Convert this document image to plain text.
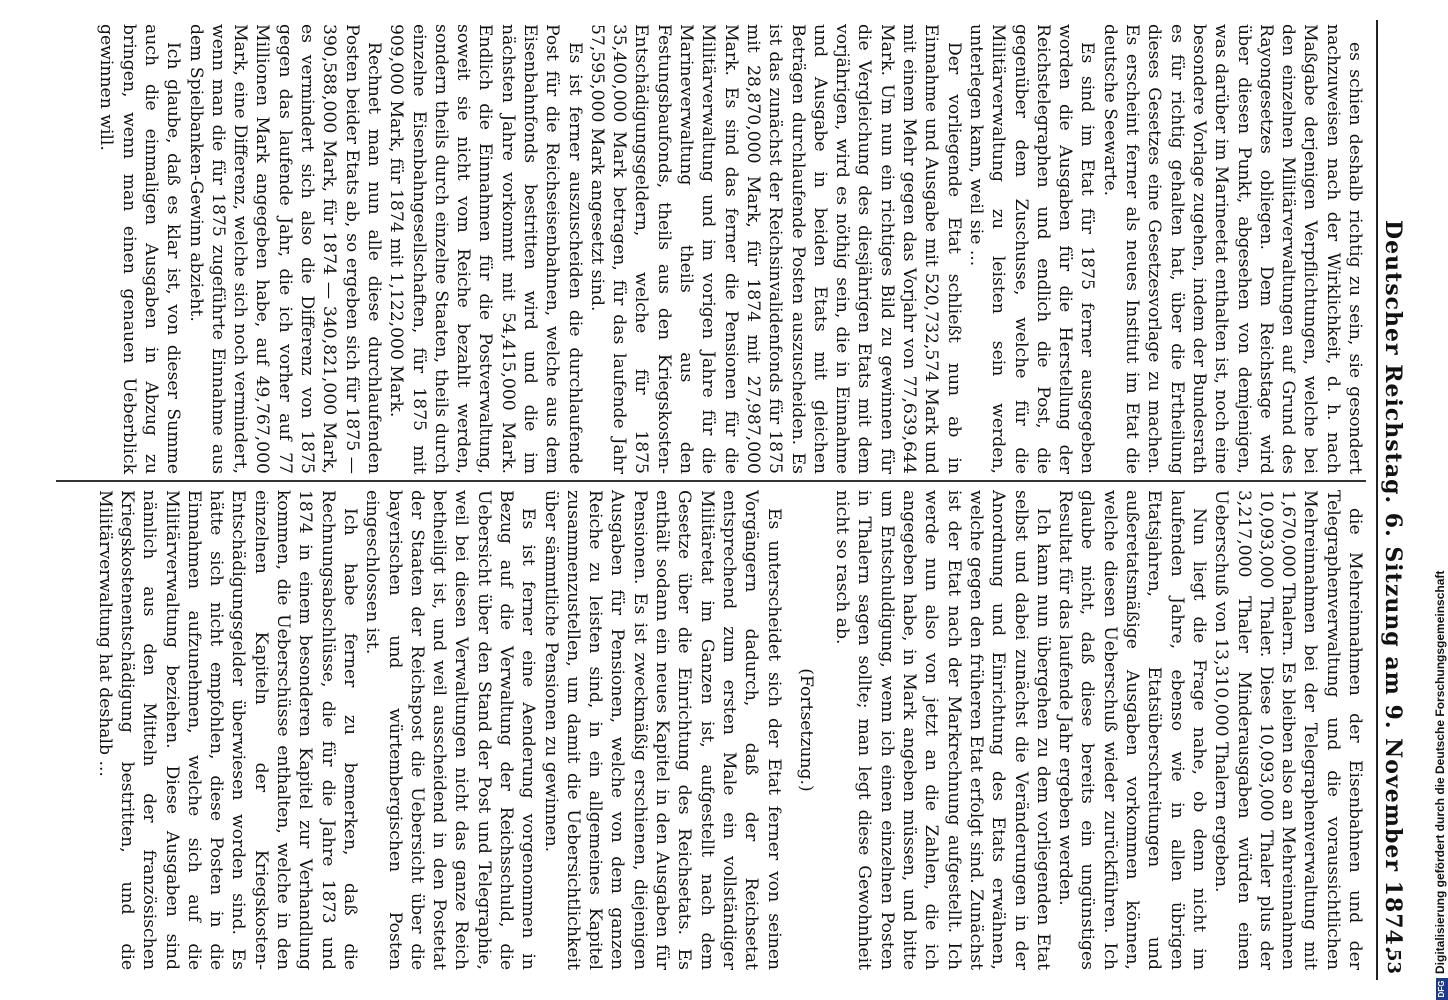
Deutscher Reichstag. 6. Sitzung am 9. November 1874.
53

es schien deshalb richtig zu sein, sie gesondert nachzuweisen nach der Wirklichkeit, d. h. nach Maßgabe derjenigen Verpflichtungen, welche bei den einzelnen Militärverwaltungen auf Grund des Rayongesetzes obliegen. Dem Reichstage wird über diesen Punkt, abgesehen von demjenigen, was darüber im Marineetat enthalten ist, noch eine besondere Vorlage zugehen, indem der Bundesrath es für richtig gehalten hat, über die Ertheilung dieses Gesetzes eine Gesetzesvorlage zu machen. Es erscheint ferner als neues Institut im Etat die deutsche Seewarte.

Es sind im Etat für 1875 ferner ausgegeben worden die Ausgaben für die Herstellung der Reichstelegraphen und endlich die Post, die gegenüber dem Zuschusse, welche für die Militärverwaltung zu leisten sein werden, unterlegen kann, weil sie ...

Der vorliegende Etat schließt nun ab in Einnahme und Ausgabe mit 520,732,574 Mark und mit einem Mehr gegen das Vorjahr von 77,639,644 Mark. Um nun ein richtiges Bild zu gewinnen für die Vergleichung des diesjährigen Etats mit dem vorjährigen, wird es nöthig sein, die in Einnahme und Ausgabe in beiden Etats mit gleichen Beträgen durchlaufende Posten auszuscheiden. Es ist das zunächst der Reichsinvalidenfonds für 1875 mit 28,870,000 Mark, für 1874 mit 27,987,000 Mark. Es sind das ferner die Pensionen für die Militärverwaltung und im vorigen Jahre für die Marineverwaltung theils aus den Festungsbaufonds, theils aus den Kriegskosten-Entschädigungsgeldern, welche für 1875 35,400,000 Mark betragen, für das laufende Jahr 57,595,000 Mark angesetzt sind.

Es ist ferner auszuscheiden die durchlaufende Post für die Reichseisenbahnen, welche aus dem Eisenbahnfonds bestritten wird und die im nächsten Jahre vorkommt mit 54,415,000 Mark. Endlich die Einnahmen für die Postverwaltung, soweit sie nicht vom Reiche bezahlt werden, sondern theils durch einzelne Staaten, theils durch einzelne Eisenbahngesellschaften, für 1875 mit 909,000 Mark, für 1874 mit 1,122,000 Mark.

Rechnet man nun alle diese durchlaufenden Posten beider Etats ab, so ergeben sich für 1875 — 390,588,000 Mark, für 1874 — 340,821,000 Mark, es vermindert sich also die Differenz von 1875 gegen das laufende Jahr, die ich vorher auf 77 Millionen Mark angegeben habe, auf 49,767,000 Mark, eine Differenz, welche sich noch vermindert, wenn man die für 1875 zugeführte Einnahme aus dem Spielbanken-Gewinn abzieht.

Ich glaube, daß es klar ist, von dieser Summe auch die einmaligen Ausgaben in Abzug zu bringen, wenn man einen genauen Ueberblick gewinnen will.

die Mehreinnahmen der Eisenbahnen und der Telegraphenverwaltung und die voraussichtlichen Mehreinnahmen bei der Telegraphenverwaltung mit 1,670,000 Thalern. Es bleiben also an Mehreinnahmen 10,093,000 Thaler. Diese 10,093,000 Thaler plus der 3,217,000 Thaler Minderausgaben würden einen Ueberschuß von 13,310,000 Thalern ergeben.

Nun liegt die Frage nahe, ob denn nicht im laufenden Jahre, ebenso wie in allen übrigen Etatsjahren, Etatsüberschreitungen und außeretatsmäßige Ausgaben vorkommen können, welche diesen Ueberschuß wieder zurückführen. Ich glaube nicht, daß diese bereits ein ungünstiges Resultat für das laufende Jahr ergeben werden.

Ich kann nun übergehen zu dem vorliegenden Etat selbst und dabei zunächst die Veränderungen in der Anordnung und Einrichtung des Etats erwähnen, welche gegen den früheren Etat erfolgt sind. Zunächst ist der Etat nach der Markrechnung aufgestellt. Ich werde nun also von jetzt an die Zahlen, die ich angegeben habe, in Mark angeben müssen, und bitte um Entschuldigung, wenn ich einen einzelnen Posten in Thalern sagen sollte; man legt diese Gewohnheit nicht so rasch ab.

(Fortsetzung.)

Es unterscheidet sich der Etat ferner von seinen Vorgängern dadurch, daß der Reichsetat entsprechend zum ersten Male ein vollständiger Militäretat im Ganzen ist, aufgestellt nach dem Gesetze über die Einrichtung des Reichsetats. Es enthält sodann ein neues Kapitel in den Ausgaben für Pensionen. Es ist zweckmäßig erschienen, diejenigen Ausgaben für Pensionen, welche von dem ganzen Reiche zu leisten sind, in ein allgemeines Kapitel zusammenzustellen, um damit die Uebersichtlichkeit über sämmtliche Pensionen zu gewinnen.

Es ist ferner eine Aenderung vorgenommen in Bezug auf die Verwaltung der Reichsschuld, die Uebersicht über den Stand der Post und Telegraphie, weil bei diesen Verwaltungen nicht das ganze Reich betheiligt ist, und weil ausscheidend in den Postetat der Staaten der Reichspost die Uebersicht über die bayerischen und würtembergischen Posten eingeschlossen ist.

Ich habe ferner zu bemerken, daß die Rechnungsabschlüsse, die für die Jahre 1873 und 1874 in einem besonderen Kapitel zur Verhandlung kommen, die Ueberschüsse enthalten, welche in den einzelnen Kapiteln der Kriegskosten-Entschädigungsgelder überwiesen worden sind. Es hätte sich nicht empfohlen, diese Posten in die Einnahmen aufzunehmen, welche sich auf die Militärverwaltung beziehen. Diese Ausgaben sind nämlich aus den Mitteln der französischen Kriegskostenentschädigung bestritten, und die Militärverwaltung hat deshalb ...

DFGDigitalisierung gefördert durch die Deutsche Forschungsgemeinschaft
